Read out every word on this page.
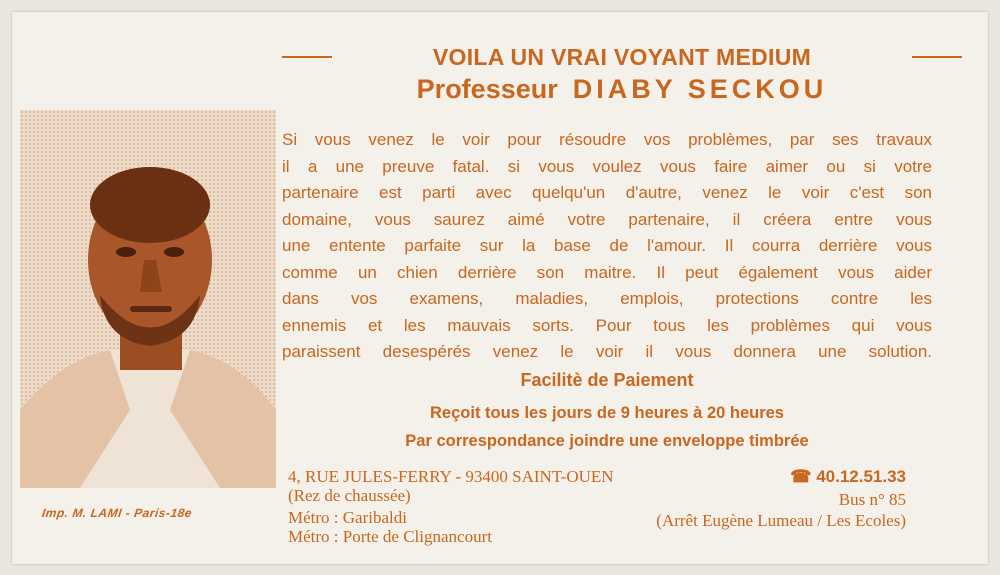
VOILA UN VRAI VOYANT MEDIUM
Professeur DIABY SECKOU
Imp. M. LAMI - Paris-18e
Si vous venez le voir pour résoudre vos problèmes, par ses travaux
il a une preuve fatal. si vous voulez vous faire aimer ou si votre
partenaire est parti avec quelqu'un d'autre, venez le voir c'est son
domaine, vous saurez aimé votre partenaire, il créera entre vous
une entente parfaite sur la base de l'amour. Il courra derrière vous
comme un chien derrière son maitre. Il peut également vous aider
dans vos examens, maladies, emplois, protections contre les
ennemis et les mauvais sorts. Pour tous les problèmes qui vous
paraissent desespérés venez le voir il vous donnera une solution.
Facilitè de Paiement
Reçoit tous les jours de 9 heures à 20 heures
Par correspondance joindre une enveloppe timbrée
4, RUE JULES-FERRY - 93400 SAINT-OUEN
(Rez de chaussée)
Métro : Garibaldi
Métro : Porte de Clignancourt
☎ 40.12.51.33
Bus n° 85
(Arrêt Eugène Lumeau / Les Ecoles)
